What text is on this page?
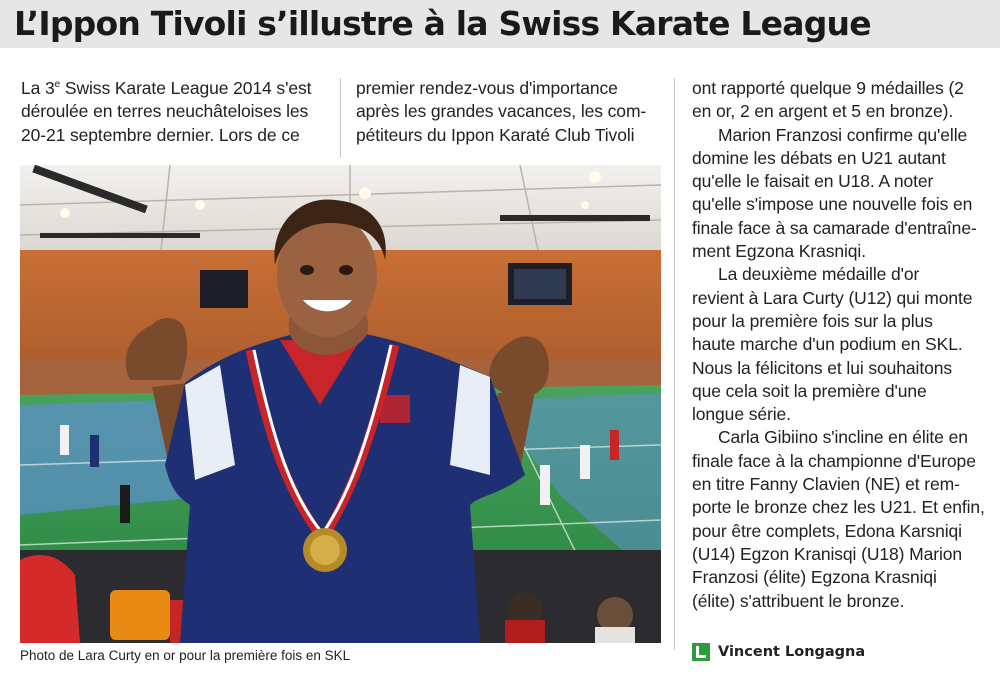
L’Ippon Tivoli s’illustre à la Swiss Karate League
La 3e Swiss Karate League 2014 s'est
déroulée en terres neuchâteloises les
20-21 septembre dernier. Lors de ce
premier rendez-vous d'importance
après les grandes vacances, les com-
pétiteurs du Ippon Karaté Club Tivoli

ont rapporté quelque 9 médailles (2
en or, 2 en argent et 5 en bronze).

Marion Franzosi confirme qu'elle
domine les débats en U21 autant
qu'elle le faisait en U18. A noter
qu'elle s'impose une nouvelle fois en
finale face à sa camarade d'entraîne-
ment Egzona Krasniqi.

La deuxième médaille d'or
revient à Lara Curty (U12) qui monte
pour la première fois sur la plus
haute marche d'un podium en SKL.
Nous la félicitons et lui souhaitons
que cela soit la première d'une
longue série.

Carla Gibiino s'incline en élite en
finale face à la championne d'Europe
en titre Fanny Clavien (NE) et rem-
porte le bronze chez les U21. Et enfin,
pour être complets, Edona Karsniqi
(U14) Egzon Kranisqi (U18) Marion
Franzosi (élite) Egzona Krasniqi
(élite) s'attribuent le bronze.

Photo de Lara Curty en or pour la première fois en SKL	Vincent Longagna
